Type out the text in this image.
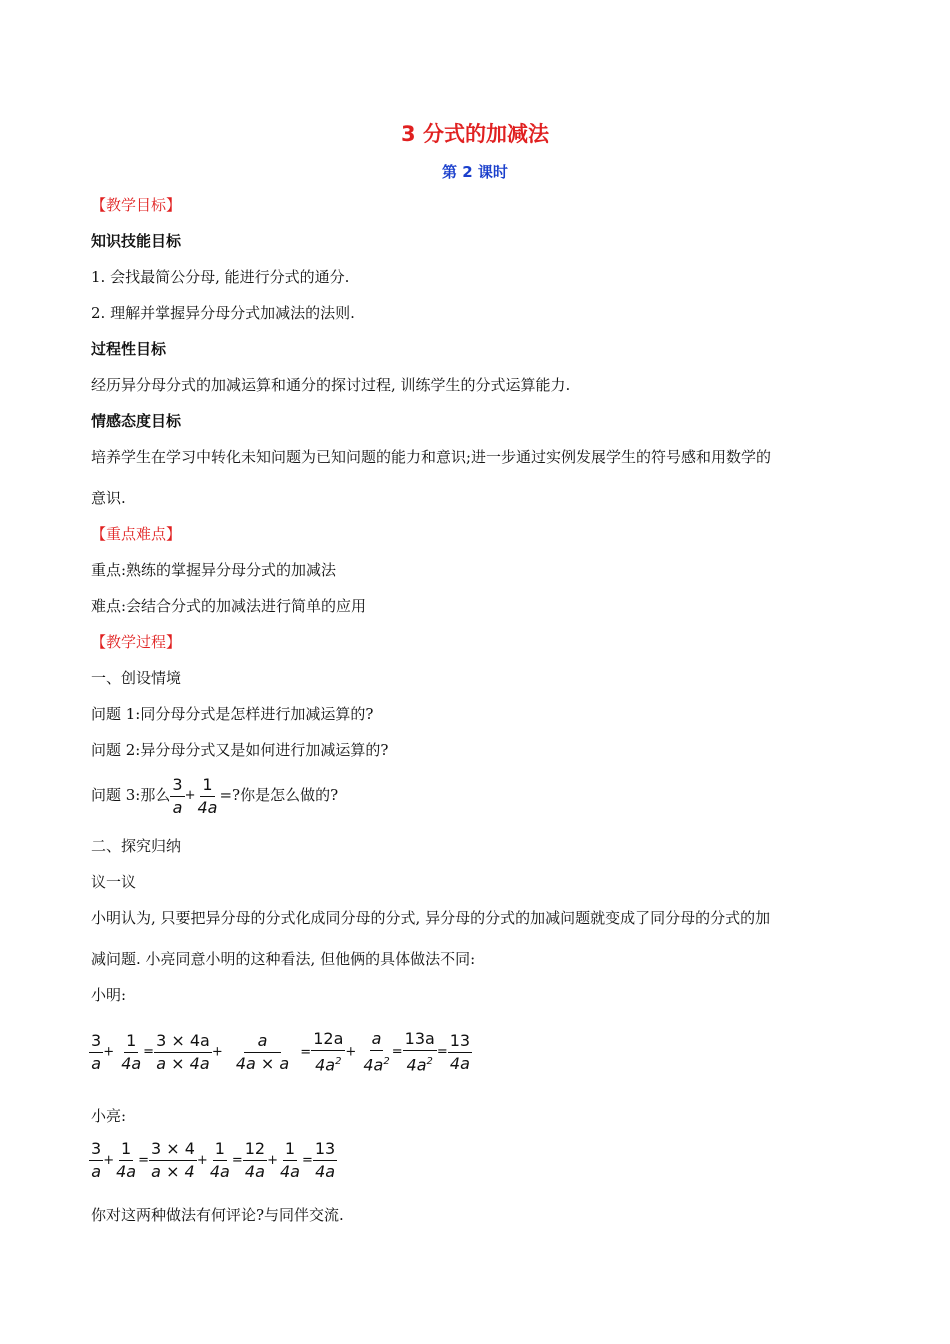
3 分式的加减法
第 2 课时
【教学目标】
知识技能目标
1. 会找最简公分母, 能进行分式的通分.
2. 理解并掌握异分母分式加减法的法则.
过程性目标
经历异分母分式的加减运算和通分的探讨过程, 训练学生的分式运算能力.
情感态度目标
培养学生在学习中转化未知问题为已知问题的能力和意识;进一步通过实例发展学生的符号感和用数学的
意识.
【重点难点】
重点:熟练的掌握异分母分式的加减法
难点:会结合分式的加减法进行简单的应用
【教学过程】
一、创设情境
问题 1:同分母分式是怎样进行加减运算的?
问题 2:异分母分式又是如何进行加减运算的?
问题 3:那么 $\frac{3}{a} + \frac{1}{4a}$ =?你是怎么做的?
二、探究归纳
议一议
小明认为, 只要把异分母的分式化成同分母的分式, 异分母的分式的加减问题就变成了同分母的分式的加
减问题. 小亮同意小明的这种看法, 但他俩的具体做法不同:
小明:
$\frac{3}{a} + \frac{1}{4a} = \frac{3 \times 4a}{a \times 4a} + \frac{a}{4a \times a} = \frac{12a}{4a^2} + \frac{a}{4a^2} = \frac{13a}{4a^2} = \frac{13}{4a}$
小亮:
$\frac{3}{a} + \frac{1}{4a} = \frac{3 \times 4}{a \times 4} + \frac{1}{4a} = \frac{12}{4a} + \frac{1}{4a} = \frac{13}{4a}$
你对这两种做法有何评论?与同伴交流.
